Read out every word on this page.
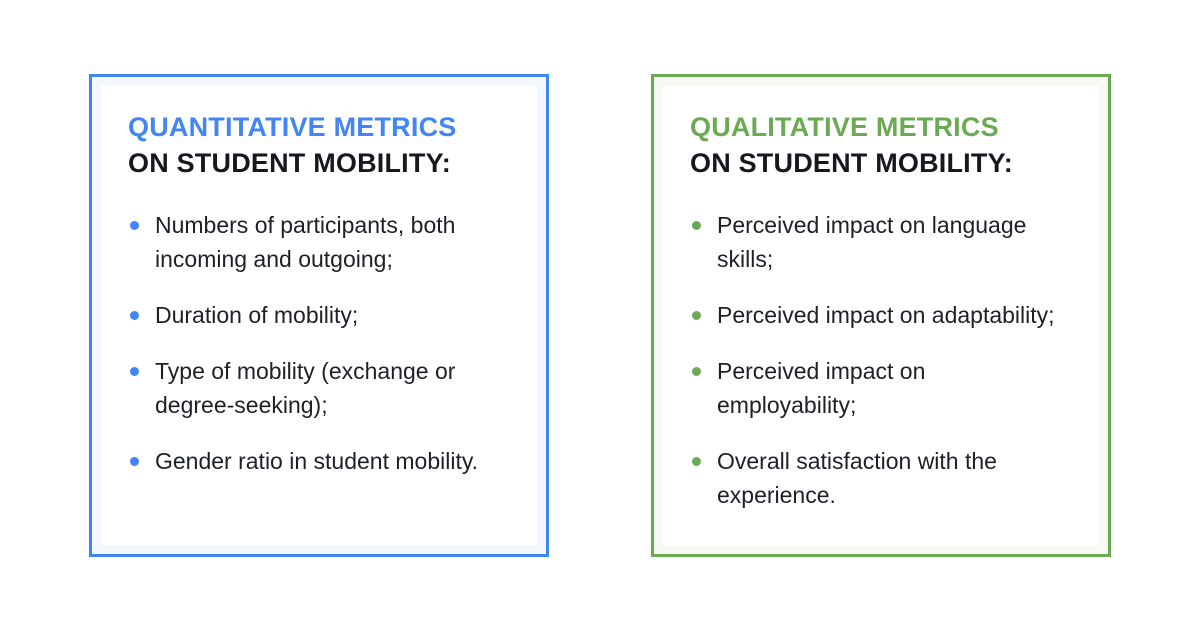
QUANTITATIVE METRICS
ON STUDENT MOBILITY:
Numbers of participants, both incoming and outgoing;
Duration of mobility;
Type of mobility (exchange or degree-seeking);
Gender ratio in student mobility.
QUALITATIVE METRICS
ON STUDENT MOBILITY:
Perceived impact on language skills;
Perceived impact on adaptability;
Perceived impact on employability;
Overall satisfaction with the experience.
